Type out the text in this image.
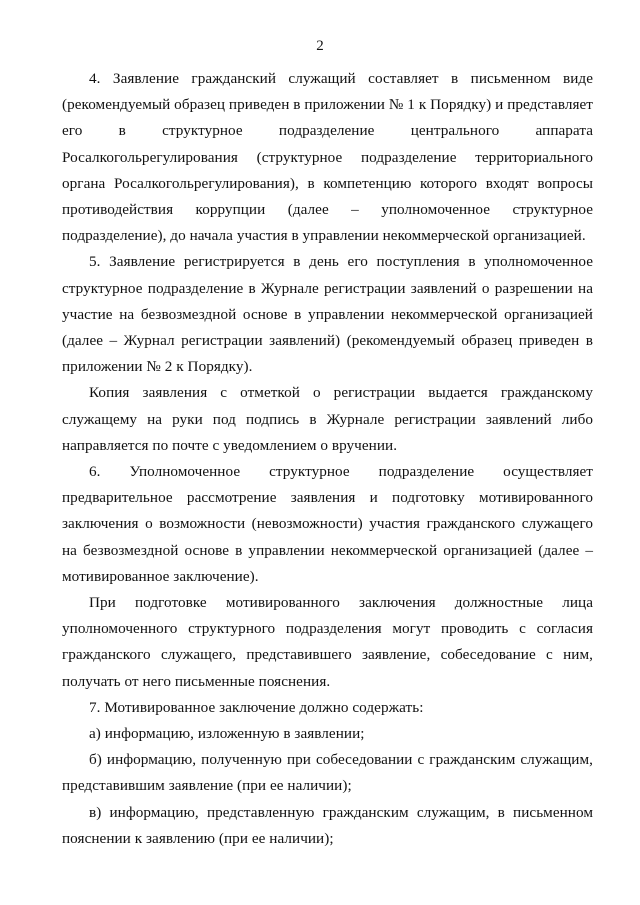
2

4. Заявление гражданский служащий составляет в письменном виде (рекомендуемый образец приведен в приложении № 1 к Порядку) и представляет его в структурное подразделение центрального аппарата Росалкогольрегулирования (структурное подразделение территориального органа Росалкогольрегулирования), в компетенцию которого входят вопросы противодействия коррупции (далее – уполномоченное структурное подразделение), до начала участия в управлении некоммерческой организацией.

5. Заявление регистрируется в день его поступления в уполномоченное структурное подразделение в Журнале регистрации заявлений о разрешении на участие на безвозмездной основе в управлении некоммерческой организацией (далее – Журнал регистрации заявлений) (рекомендуемый образец приведен в приложении № 2 к Порядку).

Копия заявления с отметкой о регистрации выдается гражданскому служащему на руки под подпись в Журнале регистрации заявлений либо направляется по почте с уведомлением о вручении.

6. Уполномоченное структурное подразделение осуществляет предварительное рассмотрение заявления и подготовку мотивированного заключения о возможности (невозможности) участия гражданского служащего на безвозмездной основе в управлении некоммерческой организацией (далее – мотивированное заключение).

При подготовке мотивированного заключения должностные лица уполномоченного структурного подразделения могут проводить с согласия гражданского служащего, представившего заявление, собеседование с ним, получать от него письменные пояснения.

7. Мотивированное заключение должно содержать:

а) информацию, изложенную в заявлении;

б) информацию, полученную при собеседовании с гражданским служащим, представившим заявление (при ее наличии);

в) информацию, представленную гражданским служащим, в письменном пояснении к заявлению (при ее наличии);
